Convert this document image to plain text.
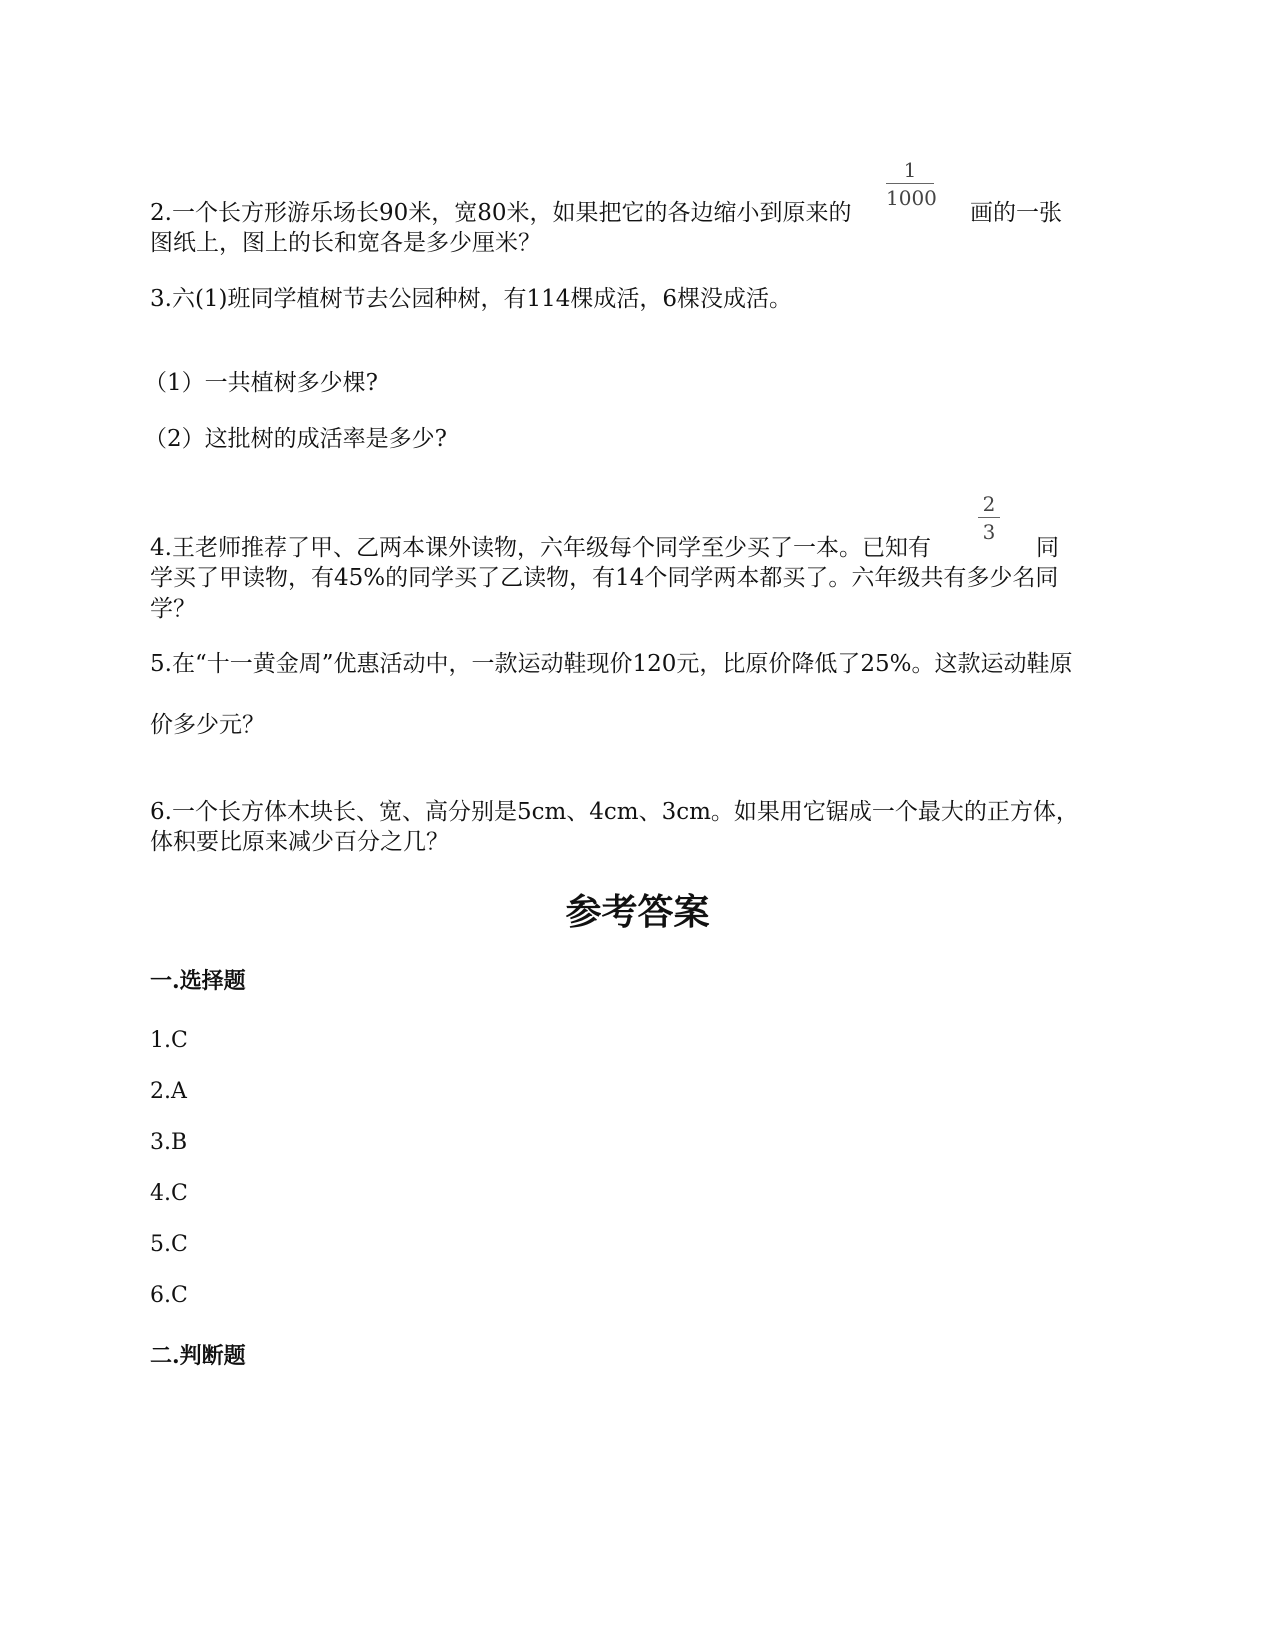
2.一个长方形游乐场长90米，宽80米，如果把它的各边缩小到原来的
1
1000
画的一张
图纸上，图上的长和宽各是多少厘米？
3.六(1)班同学植树节去公园种树，有114棵成活，6棵没成活。
（1）一共植树多少棵?
（2）这批树的成活率是多少?
4.王老师推荐了甲、乙两本课外读物，六年级每个同学至少买了一本。已知有
2
3
同
学买了甲读物，有45%的同学买了乙读物，有14个同学两本都买了。六年级共有多少名同
学？
5.在“十一黄金周”优惠活动中，一款运动鞋现价120元，比原价降低了25%。这款运动鞋原
价多少元？
6.一个长方体木块长、宽、高分别是5cm、4cm、3cm。如果用它锯成一个最大的正方体，
体积要比原来减少百分之几？
参考答案
一.选择题
1.C
2.A
3.B
4.C
5.C
6.C
二.判断题
